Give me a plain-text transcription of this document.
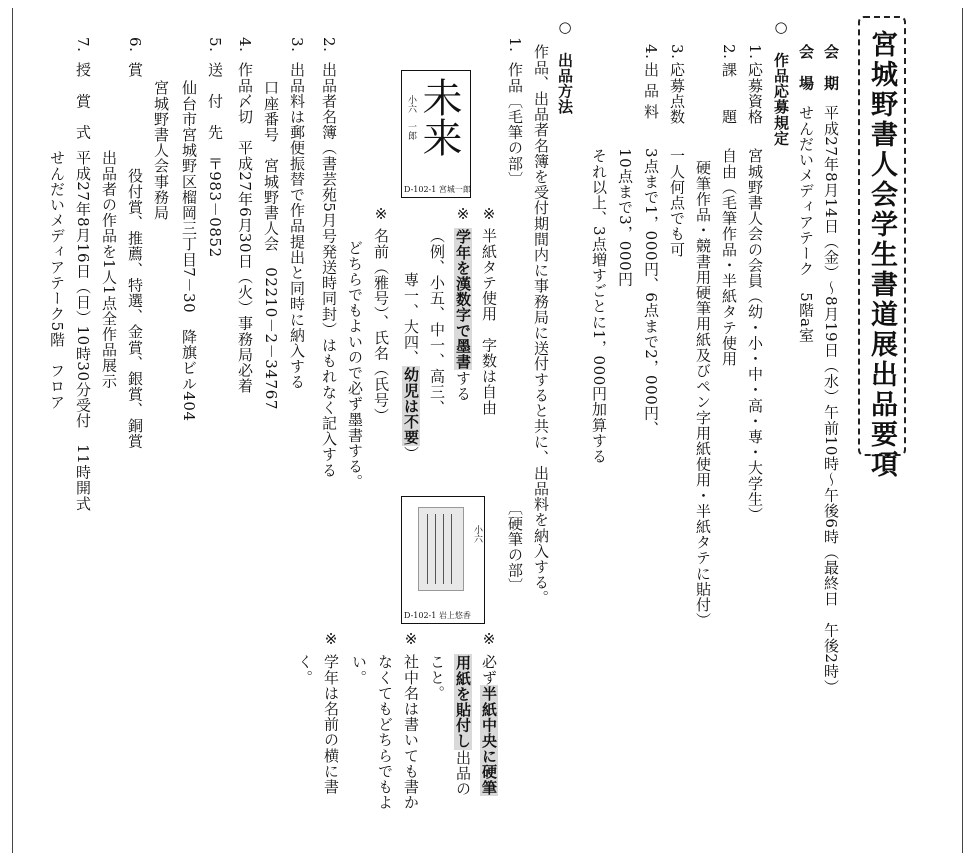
宮城野書人会学生書道展出品要項
会　期
平成27年8月14日（金）～8月19日（水）午前10時～午後6時（最終日　午後2時）
会　場
せんだいメディアテーク　5階a室
○　作品応募規定
1.
応募資格
宮城野書人会の会員（幼・小・中・高・専・大学生）
2.
課　　題
自由（毛筆作品・半紙タテ使用
硬筆作品・競書用硬筆用紙及びペン字用紙使用・半紙タテに貼付）
3.
応募点数
一人何点でも可
4.
出 品 料
3点まで1，000円、6点まで2，000円、
10点まで3，000円
それ以上、3点増すごとに1，000円加算する
○　出品方法
作品、出品者名簿を受付期間内に事務局に送付すると共に、出品料を納入する。
1.
作品〔毛筆の部〕
〔硬筆の部〕
※
半紙タテ使用　字数は自由
※
学年を漢数字で墨書する
（例、小五、中一、高三、
専一、大四、幼児は不要）
※
名前（雅号）、氏名（氏号）
どちらでもよいので必ず墨書する。
※
必ず半紙中央に硬筆
用紙を貼付し出品の
こと。
※
社中名は書いても書か
なくてもどちらでもよ
い。
※
学年は名前の横に書
く。
未来
小六　一郎
D-102-1 宮城一郎
小六
D-102-1 岩上悠香
2.
出品者名簿（書芸苑5月号発送時同封）はもれなく記入する
3.
出品料は郵便振替で作品提出と同時に納入する
口座番号　宮城野書人会　02210－2－34767
4.
作品〆切　平成27年6月30日（火）事務局必着
5.
送　付　先　〒983－0852
仙台市宮城野区榴岡三丁目7－30　降旗ビル404
宮城野書人会事務局
6.
賞
役付賞、推薦、特選、金賞、銀賞、銅賞
出品者の作品を1人1点全作品展示
7.
授　賞　式
平成27年8月16日（日）10時30分受付　11時開式
せんだいメディアテーク5階　フロア
